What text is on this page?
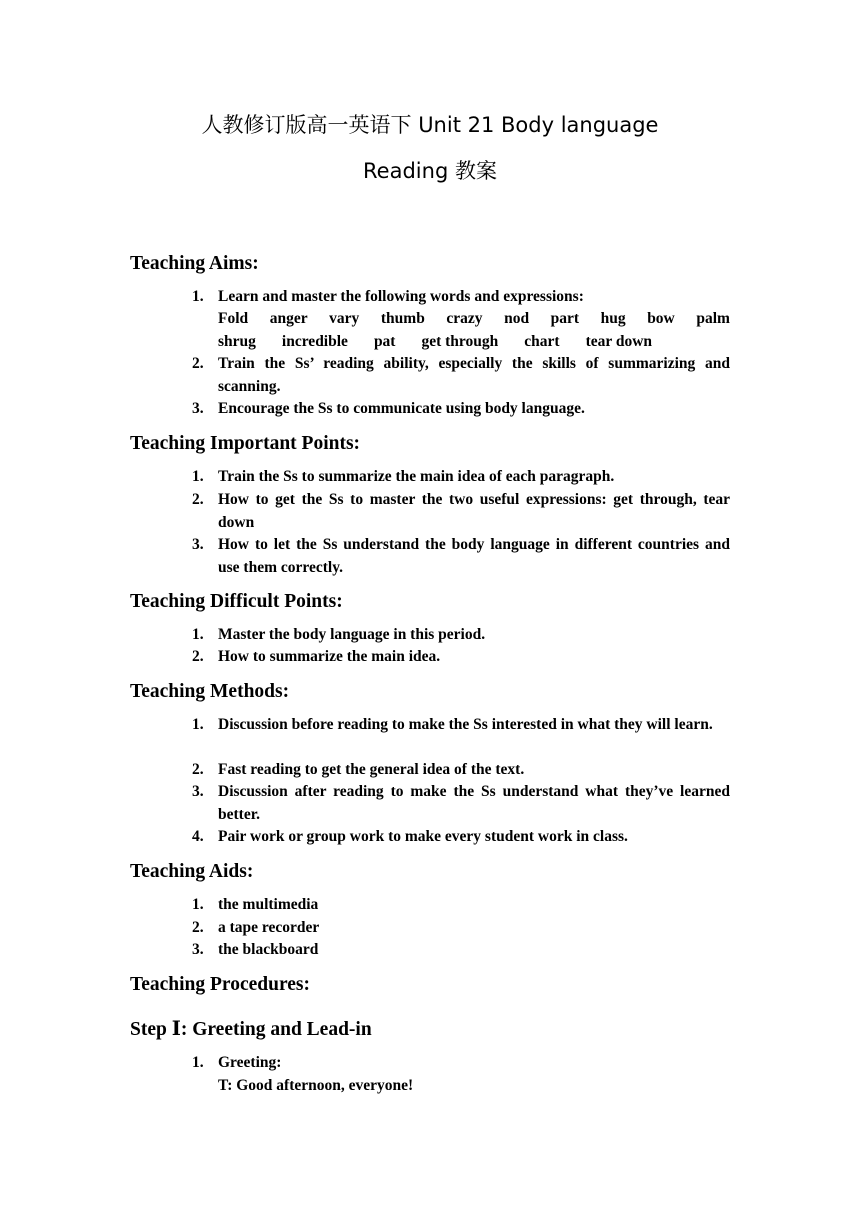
人教修订版高一英语下 Unit 21 Body language
Reading 教案
Teaching Aims:
1. Learn and master the following words and expressions:
Fold anger vary thumb crazy nod part hug bow palm
shrug incredible pat get through chart tear down
2. Train the Ss’ reading ability, especially the skills of summarizing and scanning.
3. Encourage the Ss to communicate using body language.
Teaching Important Points:
1. Train the Ss to summarize the main idea of each paragraph.
2. How to get the Ss to master the two useful expressions: get through, tear down
3. How to let the Ss understand the body language in different countries and use them correctly.
Teaching Difficult Points:
1. Master the body language in this period.
2. How to summarize the main idea.
Teaching Methods:
1. Discussion before reading to make the Ss interested in what they will learn.
2. Fast reading to get the general idea of the text.
3. Discussion after reading to make the Ss understand what they’ve learned better.
4. Pair work or group work to make every student work in class.
Teaching Aids:
1. the multimedia
2. a tape recorder
3. the blackboard
Teaching Procedures:
Step Ⅰ: Greeting and Lead-in
1. Greeting:
T: Good afternoon, everyone!
